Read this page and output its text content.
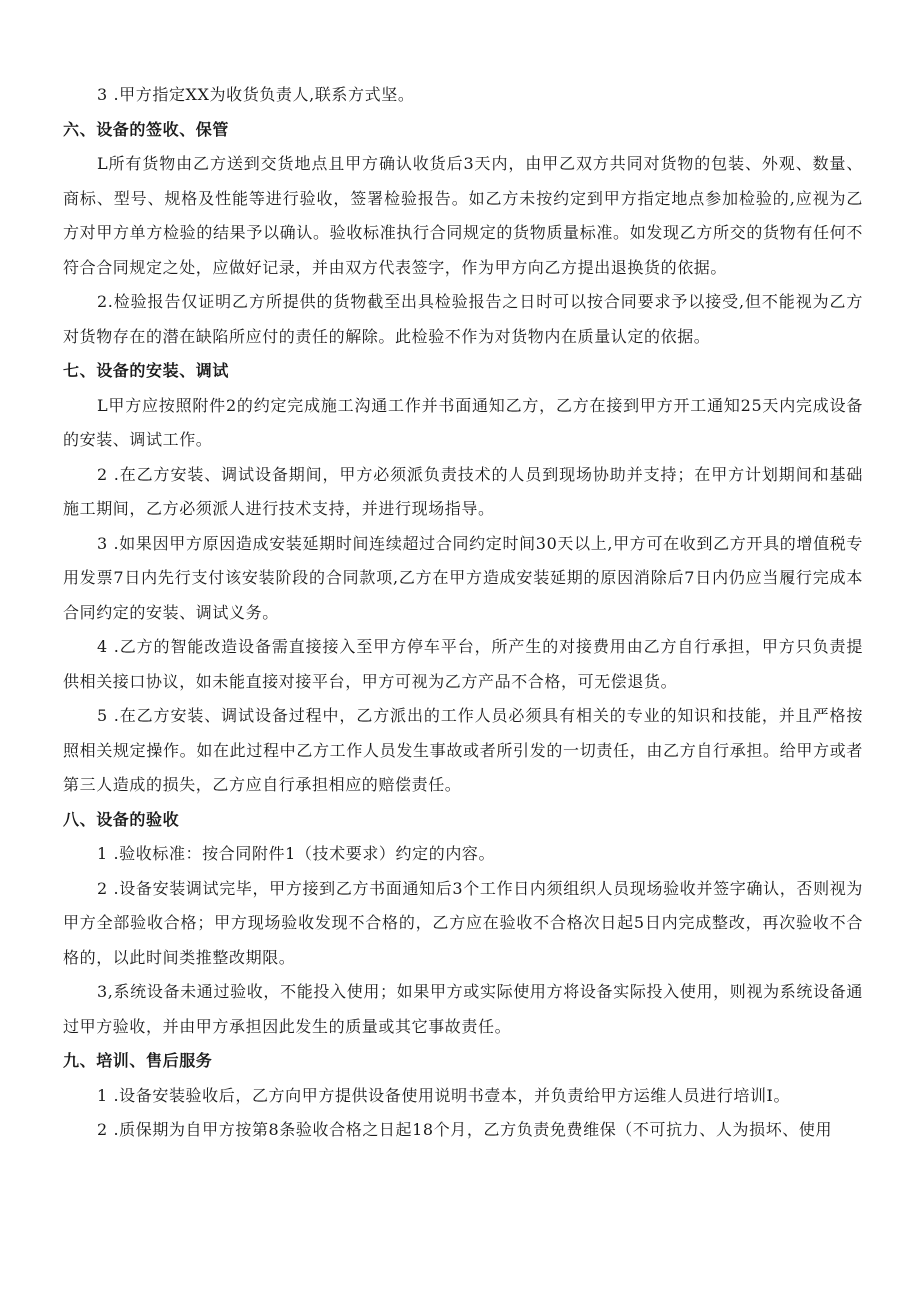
3 .甲方指定XX为收货负责人,联系方式坚。

六、设备的签收、保管

L所有货物由乙方送到交货地点且甲方确认收货后3天内，由甲乙双方共同对货物的包装、外观、数量、商标、型号、规格及性能等进行验收，签署检验报告。如乙方未按约定到甲方指定地点参加检验的,应视为乙方对甲方单方检验的结果予以确认。验收标准执行合同规定的货物质量标准。如发现乙方所交的货物有任何不符合合同规定之处，应做好记录，并由双方代表签字，作为甲方向乙方提出退换货的依据。

2.检验报告仅证明乙方所提供的货物截至出具检验报告之日时可以按合同要求予以接受,但不能视为乙方对货物存在的潜在缺陷所应付的责任的解除。此检验不作为对货物内在质量认定的依据。

七、设备的安装、调试

L甲方应按照附件2的约定完成施工沟通工作并书面通知乙方，乙方在接到甲方开工通知25天内完成设备的安装、调试工作。

2 .在乙方安装、调试设备期间，甲方必须派负责技术的人员到现场协助并支持；在甲方计划期间和基础施工期间，乙方必须派人进行技术支持，并进行现场指导。

3 .如果因甲方原因造成安装延期时间连续超过合同约定时间30天以上,甲方可在收到乙方开具的增值税专用发票7日内先行支付该安装阶段的合同款项,乙方在甲方造成安装延期的原因消除后7日内仍应当履行完成本合同约定的安装、调试义务。

4 .乙方的智能改造设备需直接接入至甲方停车平台，所产生的对接费用由乙方自行承担，甲方只负责提供相关接口协议，如未能直接对接平台，甲方可视为乙方产品不合格，可无偿退货。

5 .在乙方安装、调试设备过程中，乙方派出的工作人员必须具有相关的专业的知识和技能，并且严格按照相关规定操作。如在此过程中乙方工作人员发生事故或者所引发的一切责任，由乙方自行承担。给甲方或者第三人造成的损失，乙方应自行承担相应的赔偿责任。

八、设备的验收

1 .验收标准：按合同附件1（技术要求）约定的内容。

2 .设备安装调试完毕，甲方接到乙方书面通知后3个工作日内须组织人员现场验收并签字确认，否则视为甲方全部验收合格；甲方现场验收发现不合格的，乙方应在验收不合格次日起5日内完成整改，再次验收不合格的，以此时间类推整改期限。

3,系统设备未通过验收，不能投入使用；如果甲方或实际使用方将设备实际投入使用，则视为系统设备通过甲方验收，并由甲方承担因此发生的质量或其它事故责任。

九、培训、售后服务

1 .设备安装验收后，乙方向甲方提供设备使用说明书壹本，并负责给甲方运维人员进行培训I。

2 .质保期为自甲方按第8条验收合格之日起18个月，乙方负责免费维保（不可抗力、人为损坏、使用
